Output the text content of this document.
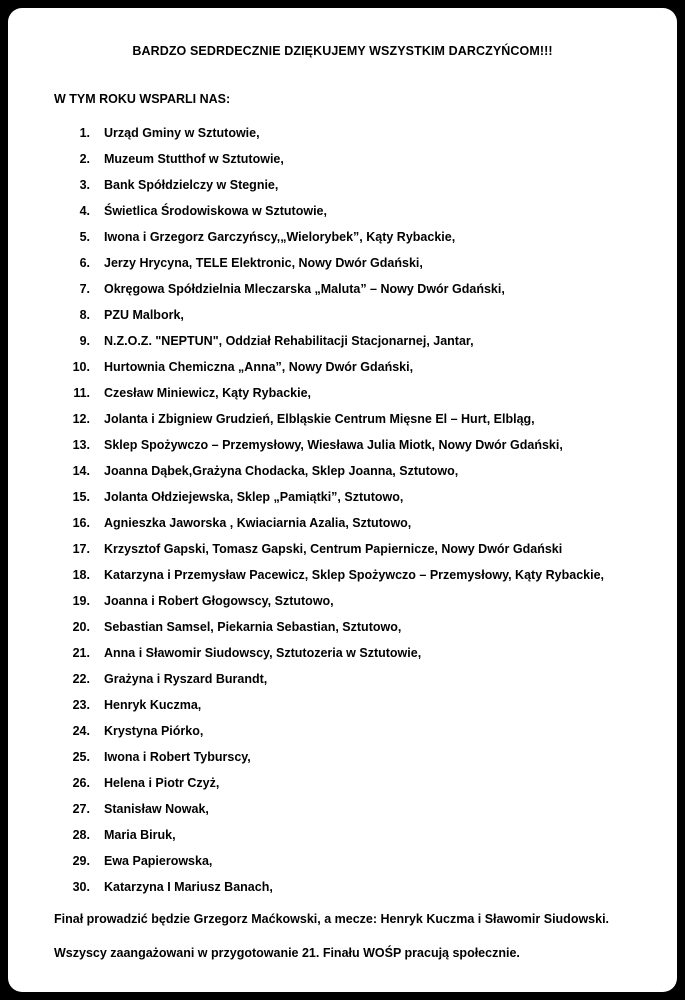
BARDZO SEDRDECZNIE DZIĘKUJEMY WSZYSTKIM DARCZYŃCOM!!!
W TYM ROKU WSPARLI NAS:
1. Urząd Gminy w Sztutowie,
2. Muzeum Stutthof w Sztutowie,
3. Bank Spółdzielczy w Stegnie,
4. Świetlica Środowiskowa w Sztutowie,
5. Iwona i Grzegorz Garczyńscy,„Wielorybek”, Kąty Rybackie,
6. Jerzy Hrycyna, TELE Elektronic, Nowy Dwór Gdański,
7. Okręgowa Spółdzielnia Mleczarska „Maluta” – Nowy Dwór Gdański,
8. PZU Malbork,
9. N.Z.O.Z. "NEPTUN", Oddział Rehabilitacji Stacjonarnej, Jantar,
10. Hurtownia Chemiczna „Anna”, Nowy Dwór Gdański,
11. Czesław Miniewicz, Kąty Rybackie,
12. Jolanta i Zbigniew Grudzień, Elbląskie Centrum Mięsne El – Hurt, Elbląg,
13. Sklep Spożywczo – Przemysłowy, Wiesława Julia Miotk, Nowy Dwór Gdański,
14. Joanna Dąbek,Grażyna Chodacka, Sklep Joanna, Sztutowo,
15. Jolanta Ołdziejewska, Sklep „Pamiątki”, Sztutowo,
16. Agnieszka Jaworska , Kwiaciarnia Azalia, Sztutowo,
17. Krzysztof Gapski, Tomasz Gapski, Centrum Papiernicze, Nowy Dwór Gdański
18. Katarzyna i Przemysław Pacewicz, Sklep Spożywczo – Przemysłowy, Kąty Rybackie,
19. Joanna i Robert Głogowscy, Sztutowo,
20. Sebastian Samsel, Piekarnia Sebastian, Sztutowo,
21. Anna i Sławomir Siudowscy, Sztutozeria w Sztutowie,
22. Grażyna i Ryszard Burandt,
23. Henryk Kuczma,
24. Krystyna Piórko,
25. Iwona i Robert Tyburscy,
26. Helena i Piotr Czyż,
27. Stanisław Nowak,
28. Maria Biruk,
29. Ewa Papierowska,
30. Katarzyna I Mariusz Banach,
Finał prowadzić będzie Grzegorz Maćkowski, a mecze: Henryk Kuczma i Sławomir Siudowski.
Wszyscy zaangażowani w przygotowanie 21. Finału WOŚP pracują społecznie.
